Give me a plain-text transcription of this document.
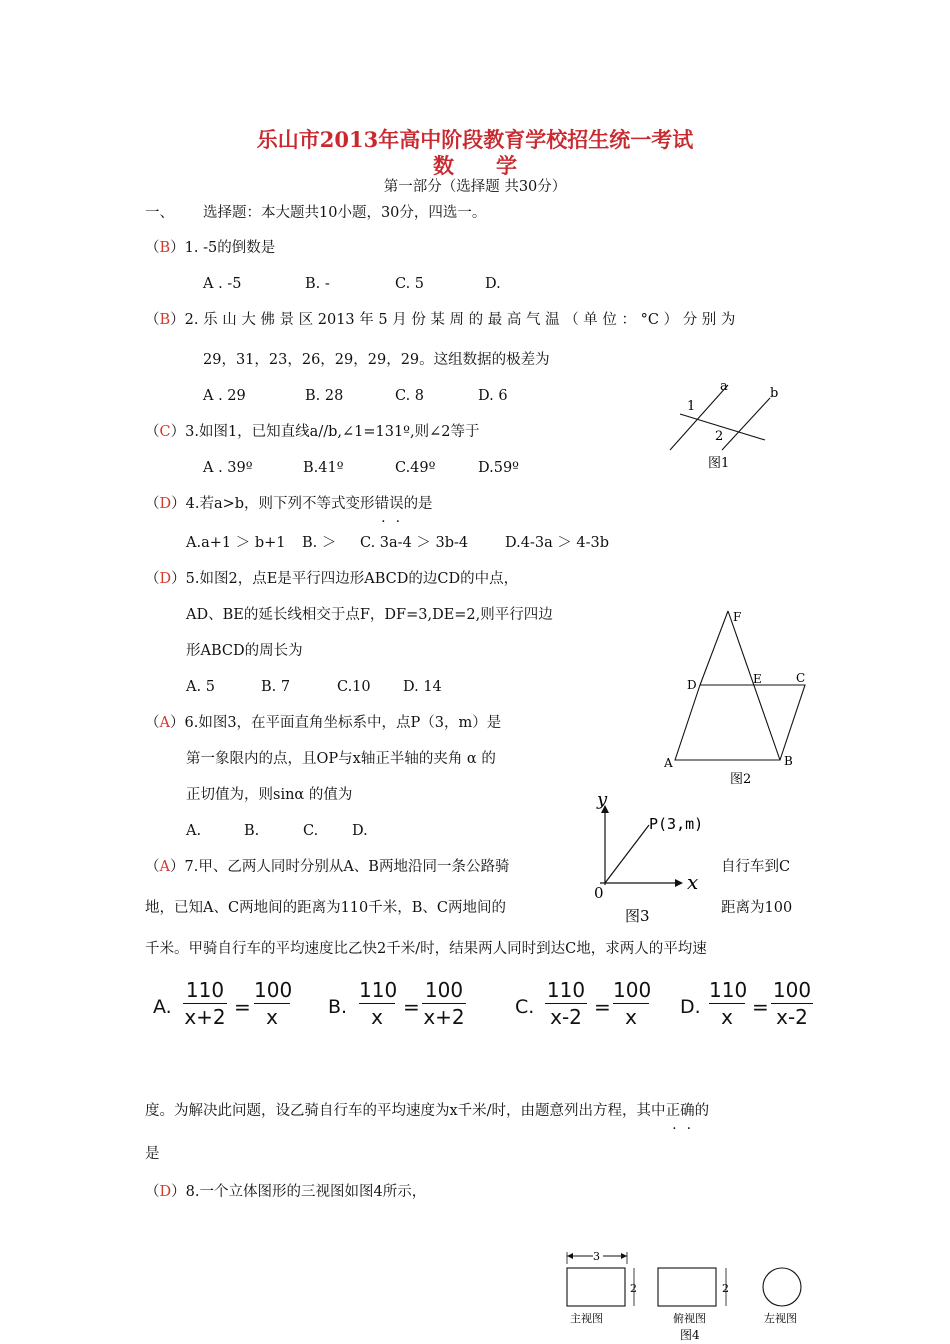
乐山市2013年高中阶段教育学校招生统一考试
数　　学
第一部分（选择题 共30分）
一、 选择题：本大题共10小题，30分，四选一。
（B）1. -5的倒数是
A . -5	B. -	C. 5	D.
（B）2. 乐 山 大 佛 景 区 2013 年 5 月 份 某 周 的 最 高 气 温 （ 单 位 ： °C ） 分 别 为
29，31，23，26，29，29，29。这组数据的极差为
A . 29	B. 28	C. 8	D. 6
a	b
1
2
图1
（C）3.如图1，已知直线a//b,∠1=131º,则∠2等于
A . 39º	B.41º	C.49º	D.59º
（D）4.若a>b，则下列不等式变形错误的是
A.a+1 ＞ b+1 B. ＞ C. 3a-4 ＞ 3b-4	D.4-3a ＞ 4-3b
（D）5.如图2，点E是平行四边形ABCD的边CD的中点，
AD、BE的延长线相交于点F，DF=3,DE=2,则平行四边
形ABCD的周长为
A. 5	B. 7	C.10 D. 14
F
D	E	C
A	B
图2
（A）6.如图3，在平面直角坐标系中，点P（3，m）是
第一象限内的点，且OP与x轴正半轴的夹角 α 的
正切值为，则sinα 的值为
A.	B.	C. D.
y
x
0
P(3,m)
图3
（A）7.甲、乙两人同时分别从A、B两地沿同一条公路骑	自行车到C
地，已知A、C两地间的距离为110千米，B、C两地间的	距离为100
千米。甲骑自行车的平均速度比乙快2千米/时，结果两人同时到达C地，求两人的平均速
A.
110
x+2 =
100
x	B.
110
x	=
100
x+2	C.
110
x-2 =
100
x	D.
110
x =
100
x-2
度。为解决此问题，设乙骑自行车的平均速度为x千米/时，由题意列出方程，其中正确的
是
（D）8.一个立体图形的三视图如图4所示，
3
2	2
主视图	俯视图	左视图
图4
